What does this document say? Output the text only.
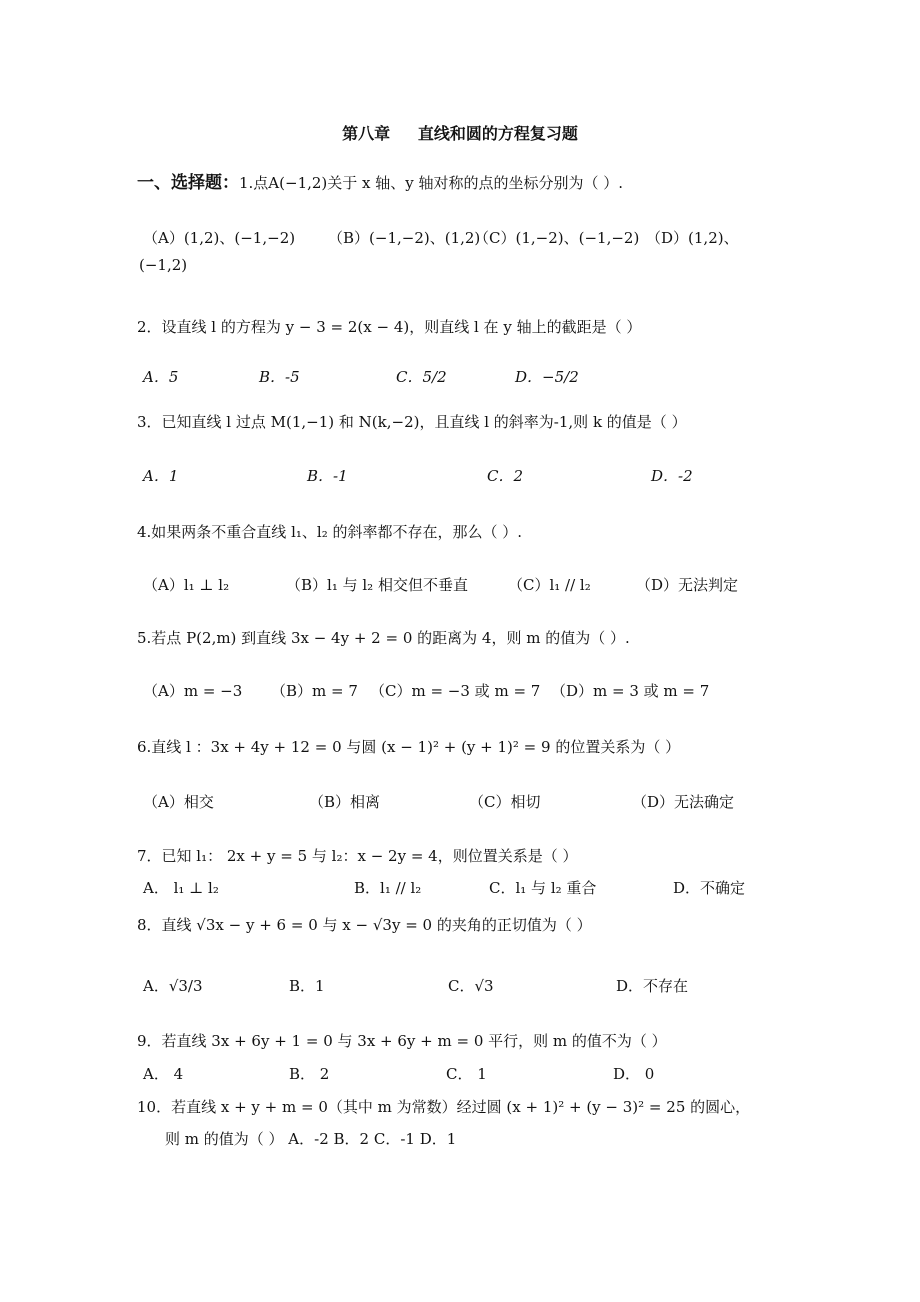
第八章     直线和圆的方程复习题
一、选择题：1.点A(−1,2)关于 x 轴、y 轴对称的点的坐标分别为（ ）.
（A）(1,2)、(−1,−2) （B）(−1,−2)、(1,2)
（C）(1,−2)、(−1,−2) （D）(1,2)、
(−1,2)
2．设直线 l 的方程为 y − 3 = 2(x − 4)，则直线 l 在 y 轴上的截距是（ ）
A．5	B．-5	C．5/2	D．−5/2
3．已知直线 l 过点 M(1,−1) 和 N(k,−2)，且直线 l 的斜率为-1,则 k 的值是（ ）
A．1	B．-1	C．2	D．-2
4.如果两条不重合直线 l₁、l₂ 的斜率都不存在，那么（ ）.
（A）l₁ ⊥ l₂	（B）l₁ 与 l₂ 相交但不垂直	（C）l₁ // l₂	（D）无法判定
5.若点 P(2,m) 到直线 3x − 4y + 2 = 0 的距离为 4，则 m 的值为（ ）.
（A）m = −3 （B）m = 7 （C）m = −3 或 m = 7 （D）m = 3 或 m = 7
6.直线 l ：3x + 4y + 12 = 0 与圆 (x − 1)² + (y + 1)² = 9 的位置关系为（ ）
（A）相交	（B）相离	（C）相切	（D）无法确定
7．已知 l₁： 2x + y = 5 与 l₂：x − 2y = 4，则位置关系是（ ）
A． l₁ ⊥ l₂	B．l₁ // l₂	C．l₁ 与 l₂ 重合	D．不确定
8．直线 √3x − y + 6 = 0 与 x − √3y = 0 的夹角的正切值为（ ）
A．√3/3	B．1	C．√3	D．不存在
9．若直线 3x + 6y + 1 = 0 与 3x + 6y + m = 0 平行，则 m 的值不为（ ）
A． 4	B． 2	C． 1	D． 0
10．若直线 x + y + m = 0（其中 m 为常数）经过圆 (x + 1)² + (y − 3)² = 25 的圆心，
则 m 的值为（ ） A．-2 B．2 C．-1 D．1
